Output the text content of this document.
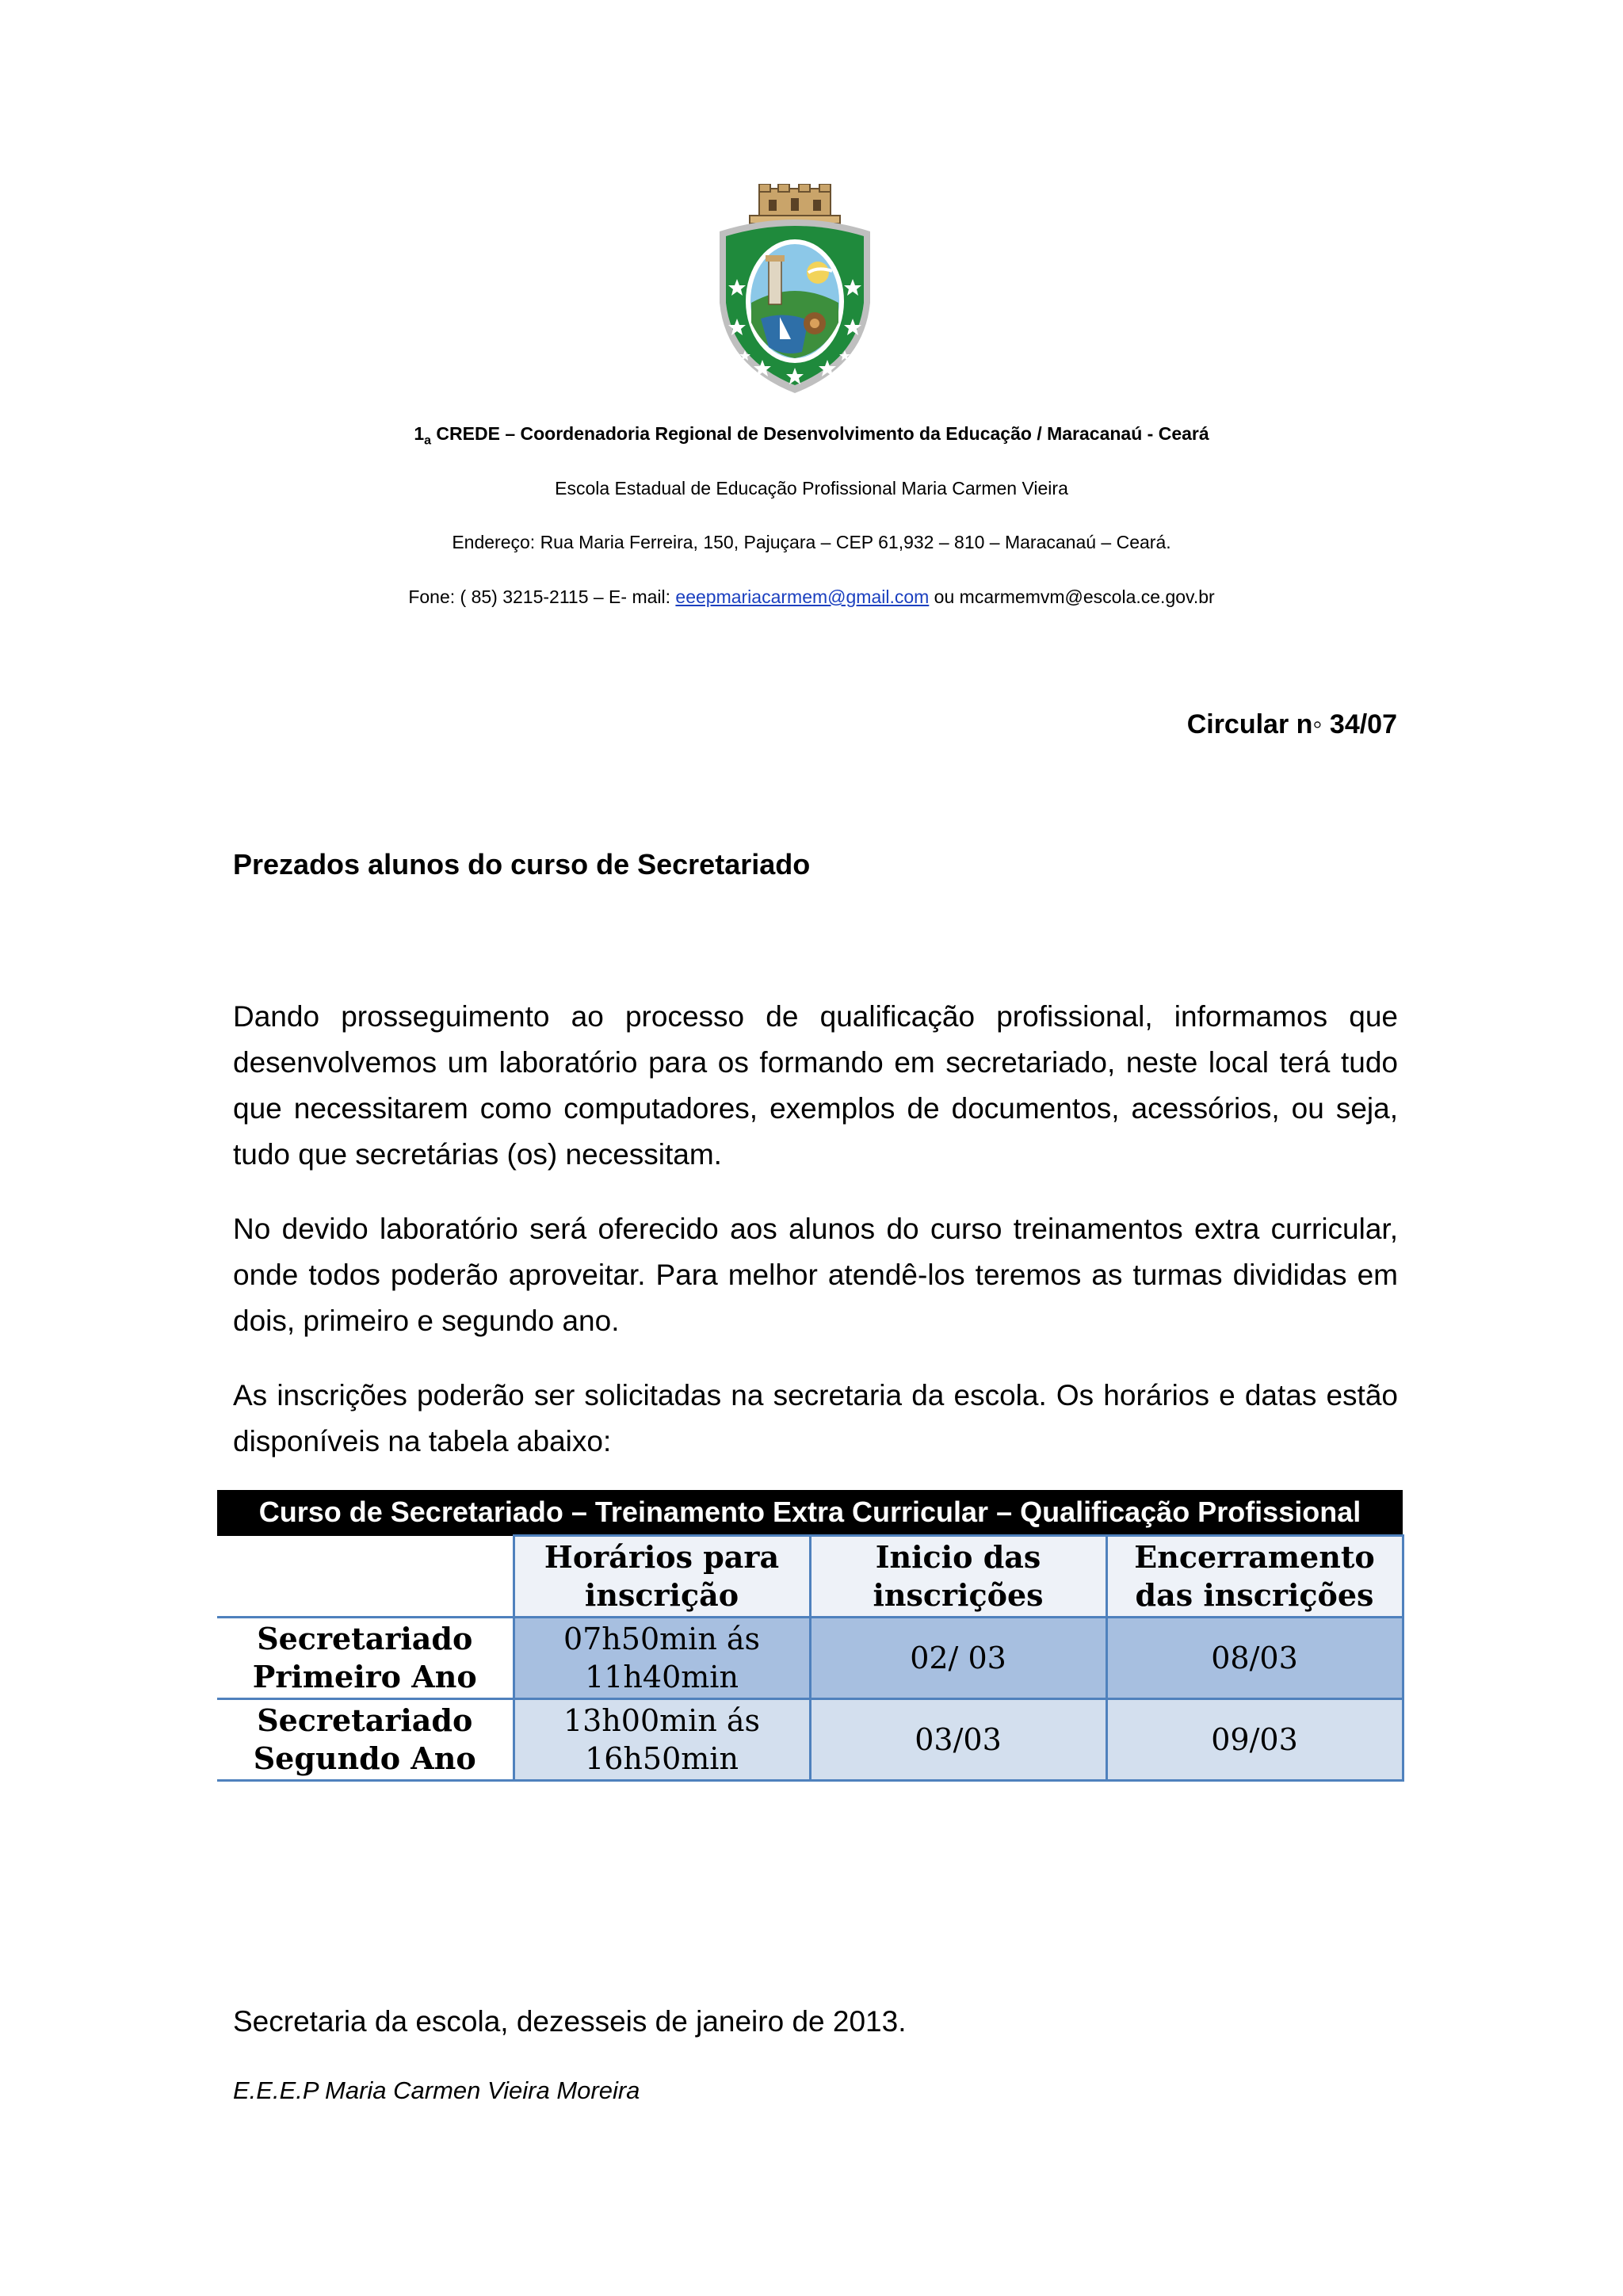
$1_a$ CREDE – Coordenadoria Regional de Desenvolvimento da Educação / Maracanaú - Ceará
Escola Estadual de Educação Profissional Maria Carmen Vieira
Endereço: Rua Maria Ferreira, 150, Pajuçara – CEP 61,932 – 810 – Maracanaú – Ceará.
Fone: ( 85) 3215-2115 – E- mail: eeepmariacarmem@gmail.com ou mcarmemvm@escola.ce.gov.br
Circular n◦ 34/07
Prezados alunos do curso de Secretariado
Dando prosseguimento ao processo de qualificação profissional, informamos que desenvolvemos um laboratório para os formando em secretariado, neste local terá tudo que necessitarem como computadores, exemplos de documentos, acessórios, ou seja, tudo que secretárias (os) necessitam.
No devido laboratório será oferecido aos alunos do curso treinamentos extra curricular, onde todos poderão aproveitar. Para melhor atendê-los teremos as turmas divididas em dois, primeiro e segundo ano.
As inscrições poderão ser solicitadas na secretaria da escola. Os horários e datas estão disponíveis na tabela abaixo:
Curso de Secretariado – Treinamento Extra Curricular – Qualificação Profissional			
	Horários para
inscrição	Inicio das
inscrições	Encerramento
das inscrições
Secretariado
Primeiro Ano	07h50min ás
11h40min	02/ 03	08/03
Secretariado
Segundo Ano	13h00min ás
16h50min	03/03	09/03
Secretaria da escola, dezesseis de janeiro de 2013.
E.E.E.P Maria Carmen Vieira Moreira
